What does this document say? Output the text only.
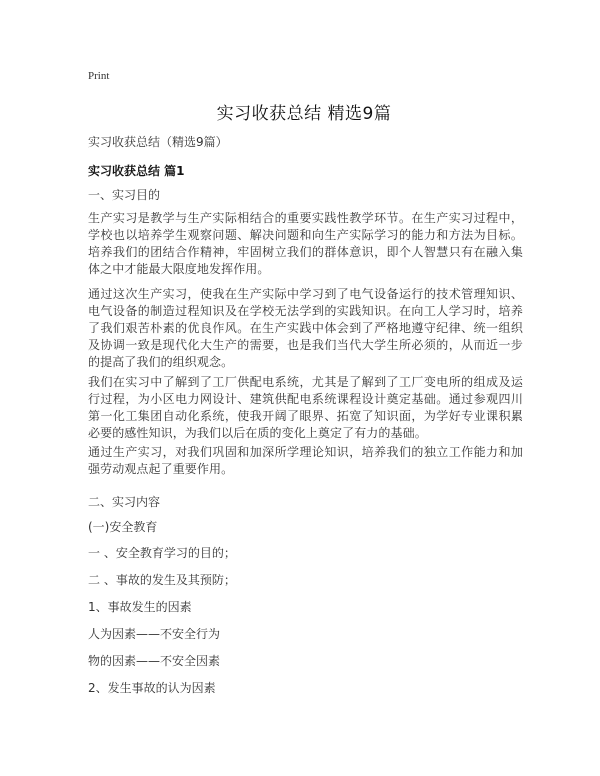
Print
实习收获总结 精选9篇
实习收获总结（精选9篇）
实习收获总结 篇1
一、实习目的
生产实习是教学与生产实际相结合的重要实践性教学环节。在生产实习过程中，学校也以培养学生观察问题、解决问题和向生产实际学习的能力和方法为目标。培养我们的团结合作精神，牢固树立我们的群体意识，即个人智慧只有在融入集体之中才能最大限度地发挥作用。
通过这次生产实习，使我在生产实际中学习到了电气设备运行的技术管理知识、电气设备的制造过程知识及在学校无法学到的实践知识。在向工人学习时，培养了我们艰苦朴素的优良作风。在生产实践中体会到了严格地遵守纪律、统一组织及协调一致是现代化大生产的需要，也是我们当代大学生所必须的，从而近一步的提高了我们的组织观念。
我们在实习中了解到了工厂供配电系统，尤其是了解到了工厂变电所的组成及运行过程，为小区电力网设计、建筑供配电系统课程设计奠定基础。通过参观四川第一化工集团自动化系统，使我开阔了眼界、拓宽了知识面，为学好专业课积累必要的感性知识，为我们以后在质的变化上奠定了有力的基础。
通过生产实习，对我们巩固和加深所学理论知识，培养我们的独立工作能力和加强劳动观点起了重要作用。
二、实习内容
(一)安全教育
一 、安全教育学习的目的；
二 、事故的发生及其预防；
1、事故发生的因素
人为因素——不安全行为
物的因素——不安全因素
2、发生事故的认为因素
